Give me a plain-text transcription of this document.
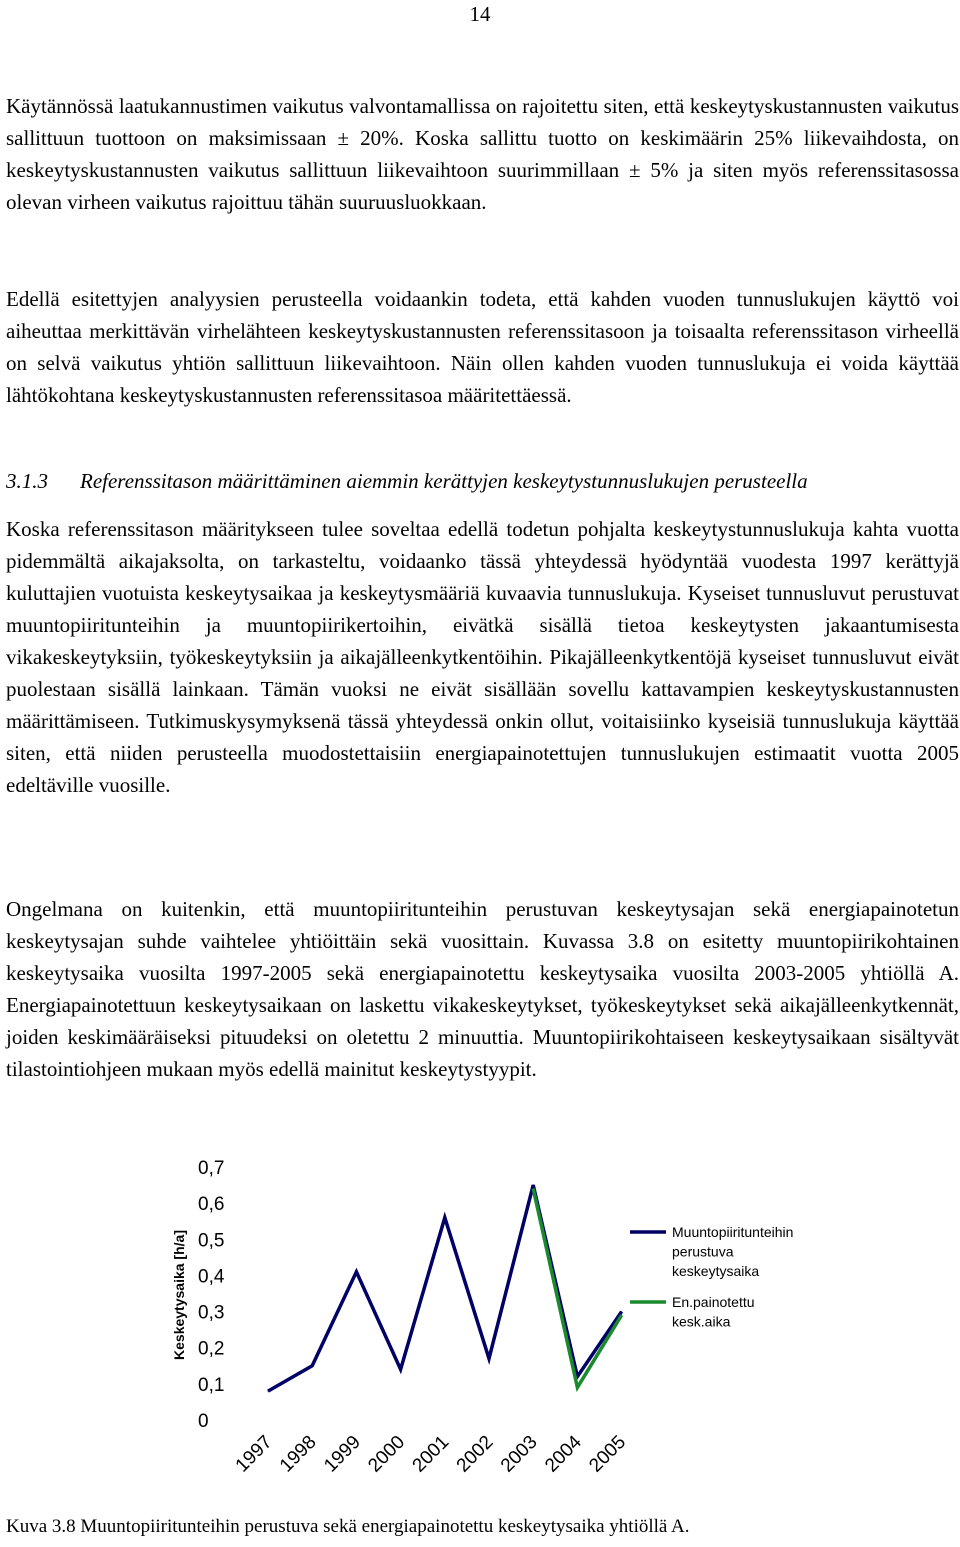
14

Käytännössä laatukannustimen vaikutus valvontamallissa on rajoitettu siten, että keskeytyskustannusten vaikutus sallittuun tuottoon on maksimissaan ± 20%. Koska sallittu tuotto on keskimäärin 25% liikevaihdosta, on keskeytyskustannusten vaikutus sallittuun liikevaihtoon suurimmillaan ± 5% ja siten myös referenssitasossa olevan virheen vaikutus rajoittuu tähän suuruusluokkaan.

Edellä esitettyjen analyysien perusteella voidaankin todeta, että kahden vuoden tunnuslukujen käyttö voi aiheuttaa merkittävän virhelähteen keskeytyskustannusten referenssitasoon ja toisaalta referenssitason virheellä on selvä vaikutus yhtiön sallittuun liikevaihtoon. Näin ollen kahden vuoden tunnuslukuja ei voida käyttää lähtökohtana keskeytyskustannusten referenssitasoa määritettäessä.

3.1.3 Referenssitason määrittäminen aiemmin kerättyjen keskeytystunnuslukujen perusteella

Koska referenssitason määritykseen tulee soveltaa edellä todetun pohjalta keskeytystunnuslukuja kahta vuotta pidemmältä aikajaksolta, on tarkasteltu, voidaanko tässä yhteydessä hyödyntää vuodesta 1997 kerättyjä kuluttajien vuotuista keskeytysaikaa ja keskeytysmääriä kuvaavia tunnuslukuja. Kyseiset tunnusluvut perustuvat muuntopiiritunteihin ja muuntopiirikertoihin, eivätkä sisällä tietoa keskeytysten jakaantumisesta vikakeskeytyksiin, työkeskeytyksiin ja aikajälleenkytkentöihin. Pikajälleenkytkentöjä kyseiset tunnusluvut eivät puolestaan sisällä lainkaan. Tämän vuoksi ne eivät sisällään sovellu kattavampien keskeytyskustannusten määrittämiseen. Tutkimuskysymyksenä tässä yhteydessä onkin ollut, voitaisiinko kyseisiä tunnuslukuja käyttää siten, että niiden perusteella muodostettaisiin energiapainotettujen tunnuslukujen estimaatit vuotta 2005 edeltäville vuosille.

Ongelmana on kuitenkin, että muuntopiiritunteihin perustuvan keskeytysajan sekä energiapainotetun keskeytysajan suhde vaihtelee yhtiöittäin sekä vuosittain. Kuvassa 3.8 on esitetty muuntopiirikohtainen keskeytysaika vuosilta 1997-2005 sekä energiapainotettu keskeytysaika vuosilta 2003-2005 yhtiöllä A. Energiapainotettuun keskeytysaikaan on laskettu vikakeskeytykset, työkeskeytykset sekä aikajälleenkytkennät, joiden keskimääräiseksi pituudeksi on oletettu 2 minuuttia. Muuntopiirikohtaiseen keskeytysaikaan sisältyvät tilastointiohjeen mukaan myös edellä mainitut keskeytystyypit.

Keskeytysaika [h/a]
0
0,1
0,2
0,3
0,4
0,5
0,6
0,7
1997 1998 1999 2000 2001 2002 2003 2004 2005
Muuntopiiritunteihin
perustuva
keskeytysaika
En.painotettu
kesk.aika
Kuva 3.8 Muuntopiiritunteihin perustuva sekä energiapainotettu keskeytysaika yhtiöllä A.
